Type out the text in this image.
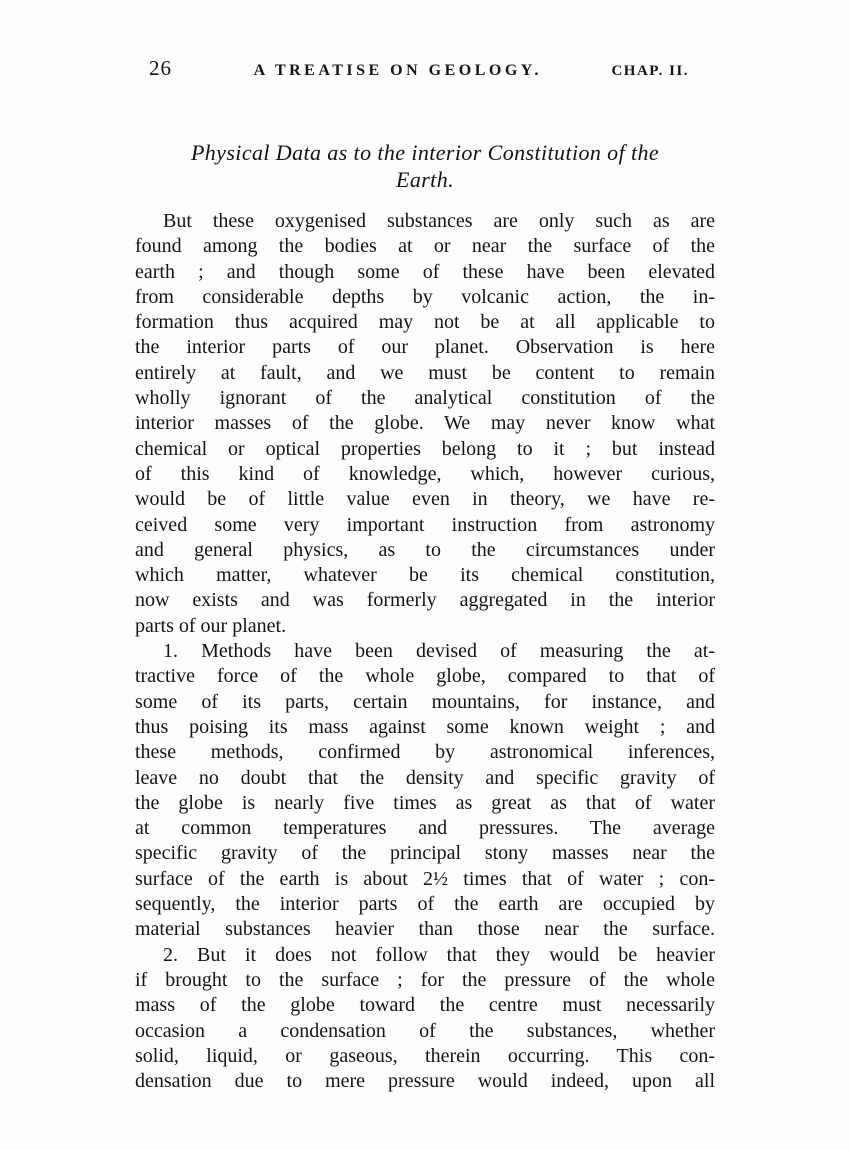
26	A TREATISE ON GEOLOGY.	CHAP. II.
Physical Data as to the interior Constitution of the
Earth.
But these oxygenised substances are only such as are
found among the bodies at or near the surface of the
earth ; and though some of these have been elevated
from considerable depths by volcanic action, the in-
formation thus acquired may not be at all applicable to
the interior parts of our planet. Observation is here
entirely at fault, and we must be content to remain
wholly ignorant of the analytical constitution of the
interior masses of the globe. We may never know what
chemical or optical properties belong to it ; but instead
of this kind of knowledge, which, however curious,
would be of little value even in theory, we have re-
ceived some very important instruction from astronomy
and general physics, as to the circumstances under
which matter, whatever be its chemical constitution,
now exists and was formerly aggregated in the interior
parts of our planet.
1. Methods have been devised of measuring the at-
tractive force of the whole globe, compared to that of
some of its parts, certain mountains, for instance, and
thus poising its mass against some known weight ; and
these methods, confirmed by astronomical inferences,
leave no doubt that the density and specific gravity of
the globe is nearly five times as great as that of water
at common temperatures and pressures. The average
specific gravity of the principal stony masses near the
surface of the earth is about 2½ times that of water ; con-
sequently, the interior parts of the earth are occupied by
material substances heavier than those near the surface.
2. But it does not follow that they would be heavier
if brought to the surface ; for the pressure of the whole
mass of the globe toward the centre must necessarily
occasion a condensation of the substances, whether
solid, liquid, or gaseous, therein occurring. This con-
densation due to mere pressure would indeed, upon all
